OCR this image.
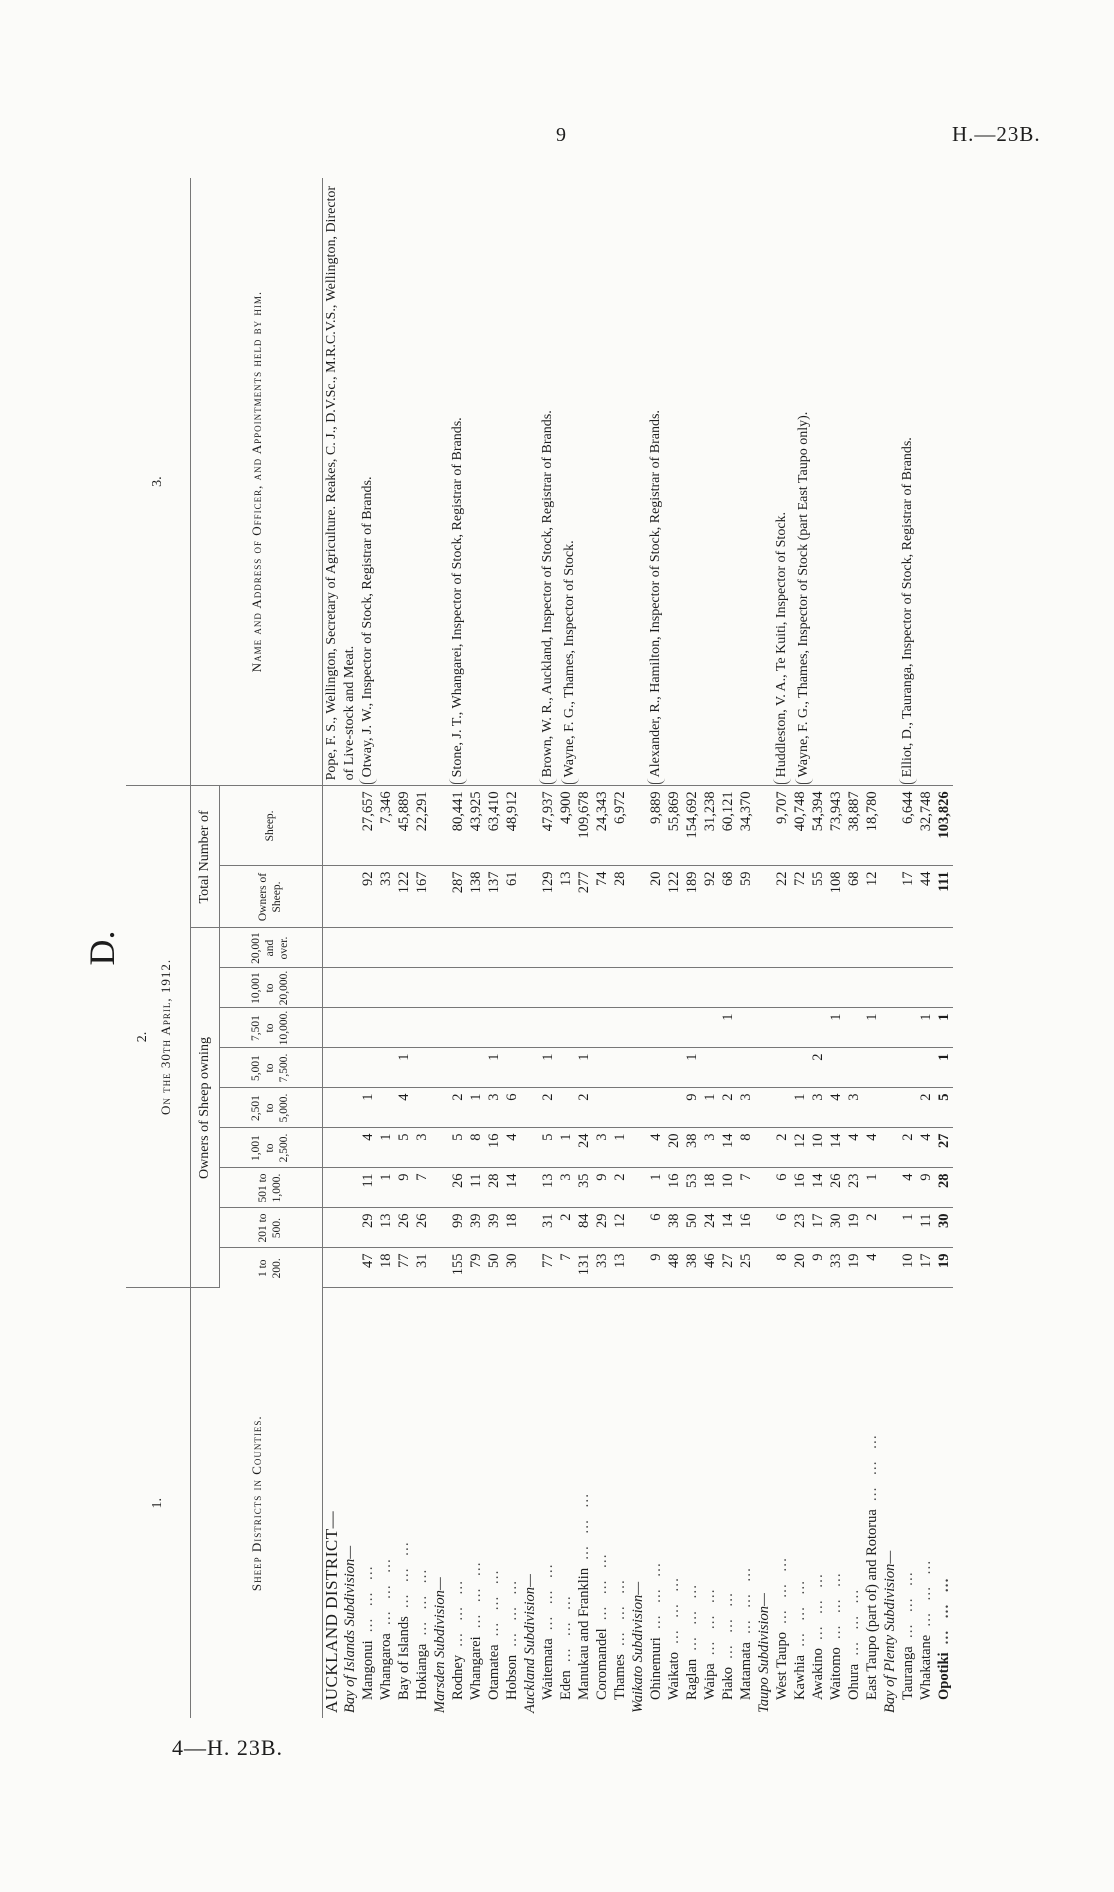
9	H.—23B.
4—H. 23B.
D.
1.	2. On the 30th April, 1912.											3.
Sheep Districts in Counties.	Owners of Sheep owning									Total Number of		Name and Address of Officer, and Appointments held by him.
	1 to 200.	201 to 500.	501 to 1,000.	1,001 to 2,500.	2,501 to 5,000.	5,001 to 7,500.	7,501 to 10,000.	10,001 to 20,000.	20,001 and over.	Owners of Sheep.	Sheep.	
AUCKLAND DISTRICT—												Pope, F. S., Wellington, Secretary of Agriculture. Reakes, C. J., D.V.Sc., M.R.C.V.S., Wellington, Director of Live-stock and Meat.
Bay of Islands Subdivision—												
Mangonui … … …	47	29	11	4	1					92	27,657	Otway, J. W., Inspector of Stock, Registrar of Brands.

Whangaroa … … …	18	13	1	1						33	7,346	
Bay of Islands … … …	77	26	9	5	4	1				122	45,889	
Hokianga … … …	31	26	7	3						167	22,291	
Marsden Subdivision—												
Rodney … … …	155	99	26	5	2					287	80,441	Stone, J. T., Whangarei, Inspector of Stock, Registrar of Brands.

Whangarei … … …	79	39	11	8	1					138	43,925	
Otamatea … … …	50	39	28	16	3	1				137	63,410	
Hobson … … …	30	18	14	4	6					61	48,912	
Auckland Subdivision—												
Waitemata … … …	77	31	13	5	2	1				129	47,937	Brown, W. R., Auckland, Inspector of Stock, Registrar of Brands. Wayne, F. G., Thames, Inspector of Stock.

Eden … … …	7	2	3	1						13	4,900	
Manukau and Franklin … … …	131	84	35	24	2	1				277	109,678	
Coromandel … … …	33	29	9	3						74	24,343	
Thames … … …	13	12	2	1						28	6,972	
Waikato Subdivision—												
Ohinemuri … … …	9	6	1	4						20	9,889	Alexander, R., Hamilton, Inspector of Stock, Registrar of Brands.

Waikato … … …	48	38	16	20						122	55,869	
Raglan … … …	38	50	53	38	9	1				189	154,692	
Waipa … … …	46	24	18	3	1					92	31,238	
Piako … … …	27	14	10	14	2		1			68	60,121	
Matamata … … …	25	16	7	8	3					59	34,370	
Taupo Subdivision—												
West Taupo … … …	8	6	6	2						22	9,707	Huddleston, V. A., Te Kuiti, Inspector of Stock. Wayne, F. G., Thames, Inspector of Stock (part East Taupo only).

Kawhia … … …	20	23	16	12	1					72	40,748	
Awakino … … …	9	17	14	10	3	2				55	54,394	
Waitomo … … …	33	30	26	14	4		1			108	73,943	
Ohura … … …	19	19	23	4	3					68	38,887	
East Taupo (part of) and Rotorua … … …	4	2	1	4			1			12	18,780	
Bay of Plenty Subdivision—												
Tauranga … … …	10	1	4	2						17	6,644	Elliot, D., Tauranga, Inspector of Stock, Registrar of Brands.

Whakatane … … …	17	11	9	4	2		1			44	32,748	
Opotiki … … …	19	30	28	27	5	1	1			111	103,826	
